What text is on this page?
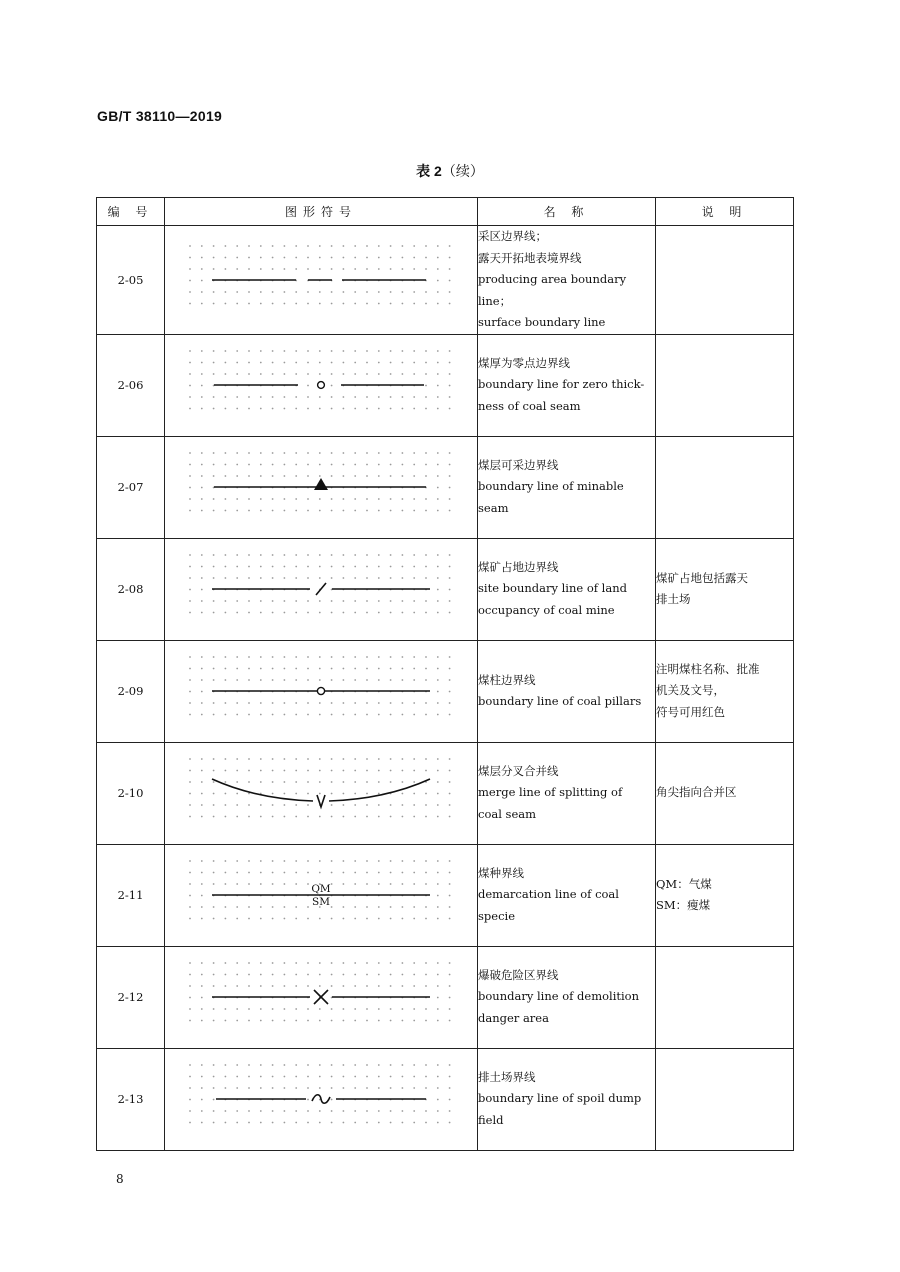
GB/T 38110—2019
表 2（续）
编 号	图形符号	名 称	说 明
2-05		采区边界线；
露天开拓地表境界线
producing area boundary
line；
surface boundary line	

2-06		煤厚为零点边界线
boundary line for zero thick-
ness of coal seam	

2-07		煤层可采边界线
boundary line of minable
seam	

2-08		煤矿占地边界线
site boundary line of land
occupancy of coal mine	煤矿占地包括露天
排土场

2-09		煤柱边界线
boundary line of coal pillars	注明煤柱名称、批准
机关及文号，
符号可用红色

2-10		煤层分叉合并线
merge line of splitting of
coal seam	角尖指向合并区

2-11	QM
SM	煤种界线
demarcation line of coal
specie	QM：气煤
SM：瘦煤

2-12		爆破危险区界线
boundary line of demolition
danger area	

2-13		排土场界线
boundary line of spoil dump
field	

8
